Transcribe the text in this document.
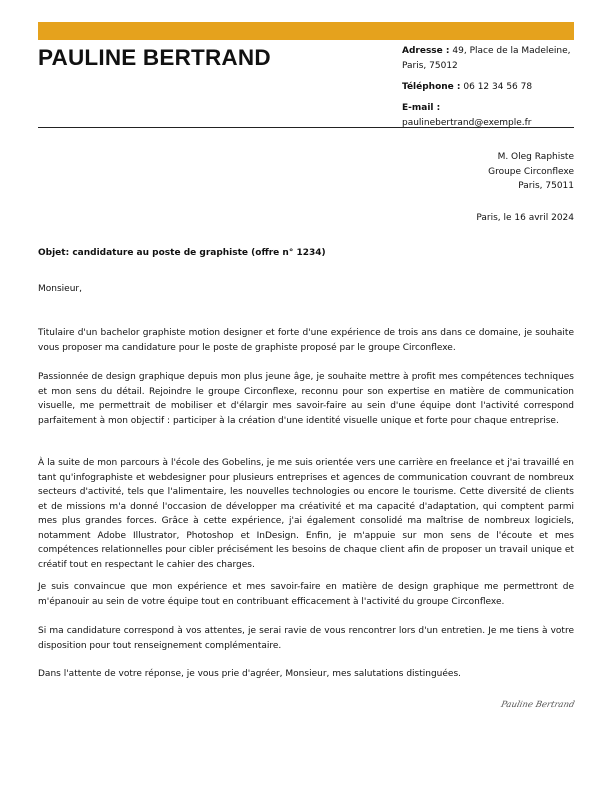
PAULINE BERTRAND	Adresse : 49, Place de la Madeleine,
Paris, 75012
Téléphone : 06 12 34 56 78
E-mail :
paulinebertrand@exemple.fr
M. Oleg Raphiste
Groupe Circonflexe
Paris, 75011
Paris, le 16 avril 2024
Objet: candidature au poste de graphiste (offre n° 1234)
Monsieur,

Titulaire d'un bachelor graphiste motion designer et forte d'une expérience de trois ans dans ce domaine, je souhaite vous proposer ma candidature pour le poste de graphiste proposé par le groupe Circonflexe.

Passionnée de design graphique depuis mon plus jeune âge, je souhaite mettre à profit mes compétences techniques et mon sens du détail. Rejoindre le groupe Circonflexe, reconnu pour son expertise en matière de communication visuelle, me permettrait de mobiliser et d'élargir mes savoir-faire au sein d'une équipe dont l'activité correspond parfaitement à mon objectif : participer à la création d'une identité visuelle unique et forte pour chaque entreprise.

À la suite de mon parcours à l'école des Gobelins, je me suis orientée vers une carrière en freelance et j'ai travaillé en tant qu'infographiste et webdesigner pour plusieurs entreprises et agences de communication couvrant de nombreux secteurs d'activité, tels que l'alimentaire, les nouvelles technologies ou encore le tourisme. Cette diversité de clients et de missions m'a donné l'occasion de développer ma créativité et ma capacité d'adaptation, qui comptent parmi mes plus grandes forces. Grâce à cette expérience, j'ai également consolidé ma maîtrise de nombreux logiciels, notamment Adobe Illustrator, Photoshop et InDesign. Enfin, je m'appuie sur mon sens de l'écoute et mes compétences relationnelles pour cibler précisément les besoins de chaque client afin de proposer un travail unique et créatif tout en respectant le cahier des charges.

Je suis convaincue que mon expérience et mes savoir-faire en matière de design graphique me permettront de m'épanouir au sein de votre équipe tout en contribuant efficacement à l'activité du groupe Circonflexe.

Si ma candidature correspond à vos attentes, je serai ravie de vous rencontrer lors d'un entretien. Je me tiens à votre disposition pour tout renseignement complémentaire.

Dans l'attente de votre réponse, je vous prie d'agréer, Monsieur, mes salutations distinguées.

Pauline Bertrand
